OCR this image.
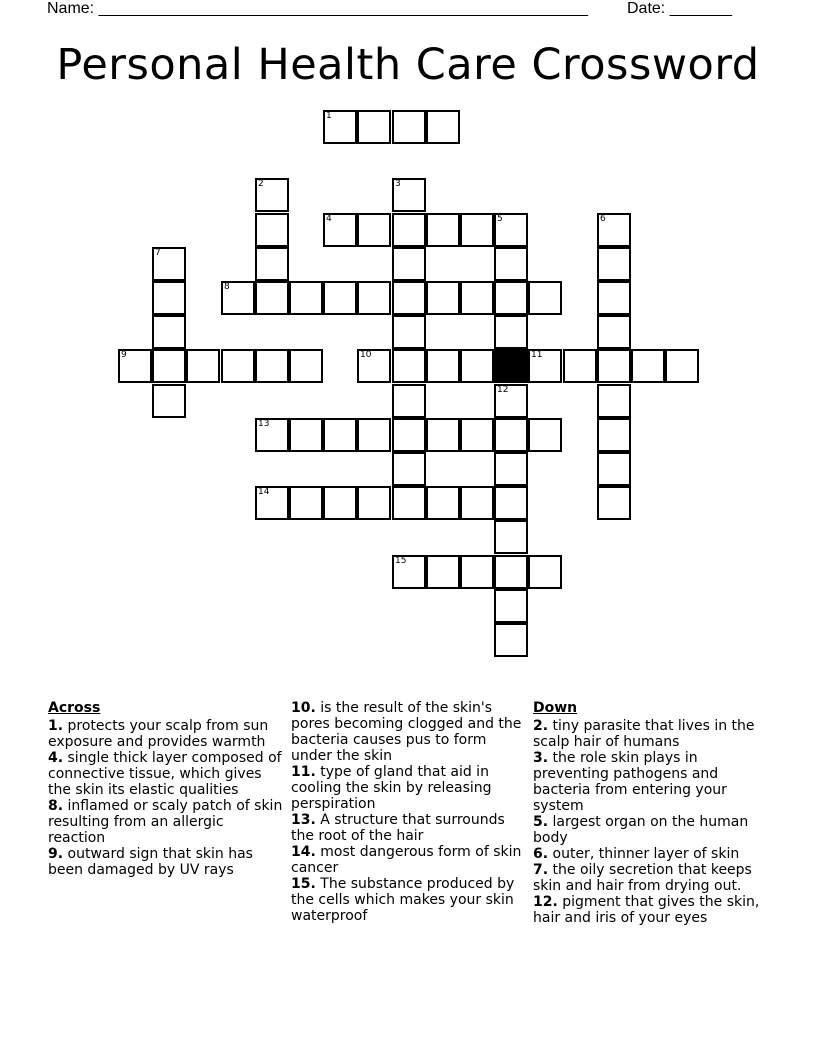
Name: _______________________________________________________	Date: _______
Personal Health Care Crossword
1
2	3
4	5	6
7
8
9	10	11
12
13
14
15
Across
1. protects your scalp from sun exposure and provides warmth
4. single thick layer composed of connective tissue, which gives the skin its elastic qualities
8. inflamed or scaly patch of skin resulting from an allergic reaction
9. outward sign that skin has been damaged by UV rays
10. is the result of the skin's pores becoming clogged and the bacteria causes pus to form under the skin
11. type of gland that aid in cooling the skin by releasing perspiration
13. A structure that surrounds the root of the hair
14. most dangerous form of skin cancer
15. The substance produced by the cells which makes your skin waterproof
Down
2. tiny parasite that lives in the scalp hair of humans
3. the role skin plays in preventing pathogens and bacteria from entering your system
5. largest organ on the human body
6. outer, thinner layer of skin
7. the oily secretion that keeps skin and hair from drying out.
12. pigment that gives the skin, hair and iris of your eyes
